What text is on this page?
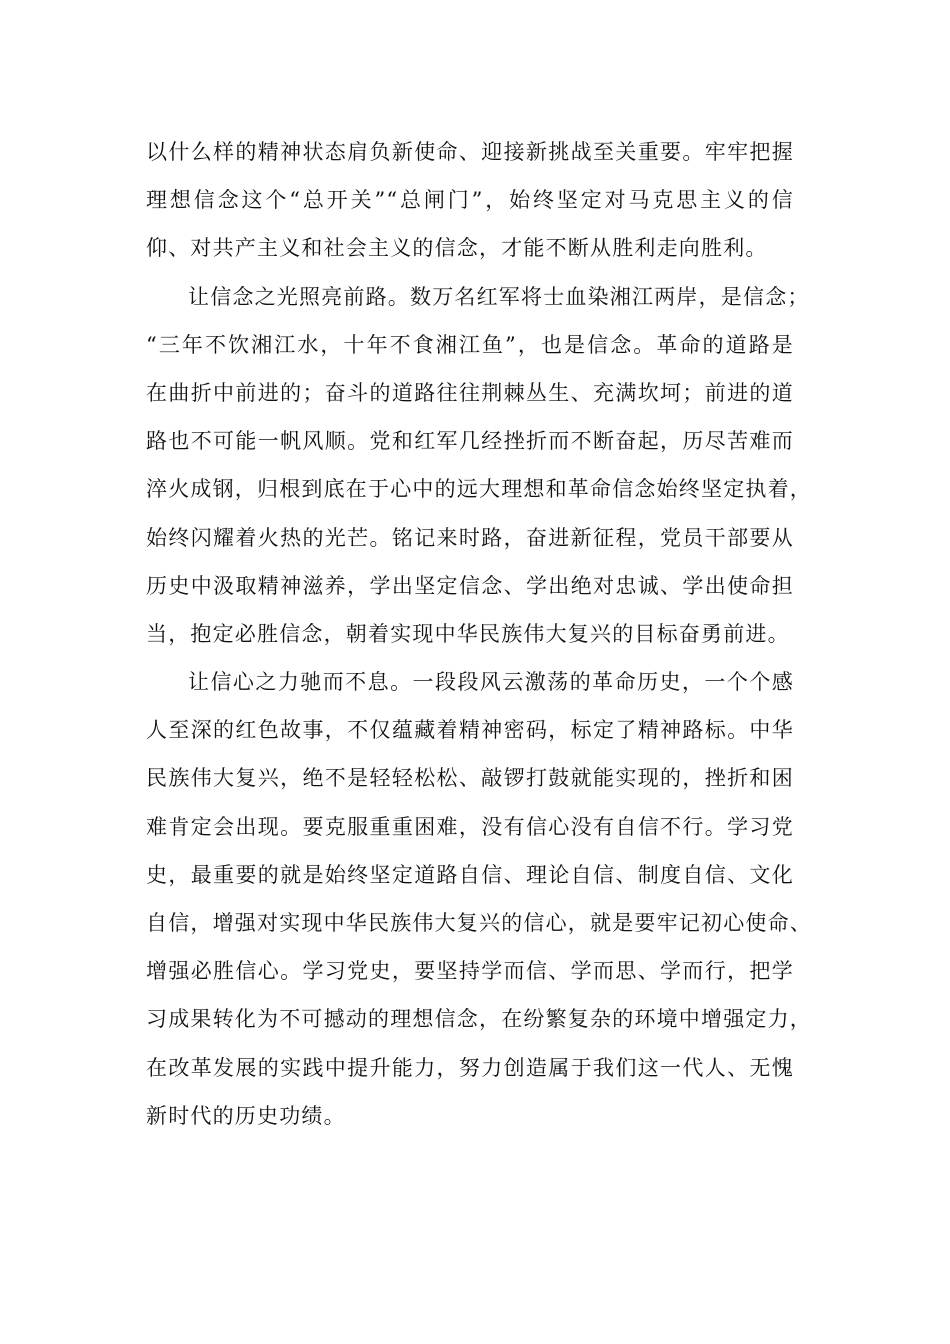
以什么样的精神状态肩负新使命、迎接新挑战至关重要。牢牢把握
理想信念这个“总开关”“总闸门”，始终坚定对马克思主义的信
仰、对共产主义和社会主义的信念，才能不断从胜利走向胜利。
让信念之光照亮前路。数万名红军将士血染湘江两岸，是信念；
“三年不饮湘江水，十年不食湘江鱼”，也是信念。革命的道路是
在曲折中前进的；奋斗的道路往往荆棘丛生、充满坎坷；前进的道
路也不可能一帆风顺。党和红军几经挫折而不断奋起，历尽苦难而
淬火成钢，归根到底在于心中的远大理想和革命信念始终坚定执着，
始终闪耀着火热的光芒。铭记来时路，奋进新征程，党员干部要从
历史中汲取精神滋养，学出坚定信念、学出绝对忠诚、学出使命担
当，抱定必胜信念，朝着实现中华民族伟大复兴的目标奋勇前进。
让信心之力驰而不息。一段段风云激荡的革命历史，一个个感
人至深的红色故事，不仅蕴藏着精神密码，标定了精神路标。中华
民族伟大复兴，绝不是轻轻松松、敲锣打鼓就能实现的，挫折和困
难肯定会出现。要克服重重困难，没有信心没有自信不行。学习党
史，最重要的就是始终坚定道路自信、理论自信、制度自信、文化
自信，增强对实现中华民族伟大复兴的信心，就是要牢记初心使命、
增强必胜信心。学习党史，要坚持学而信、学而思、学而行，把学
习成果转化为不可撼动的理想信念，在纷繁复杂的环境中增强定力，
在改革发展的实践中提升能力，努力创造属于我们这一代人、无愧
新时代的历史功绩。
